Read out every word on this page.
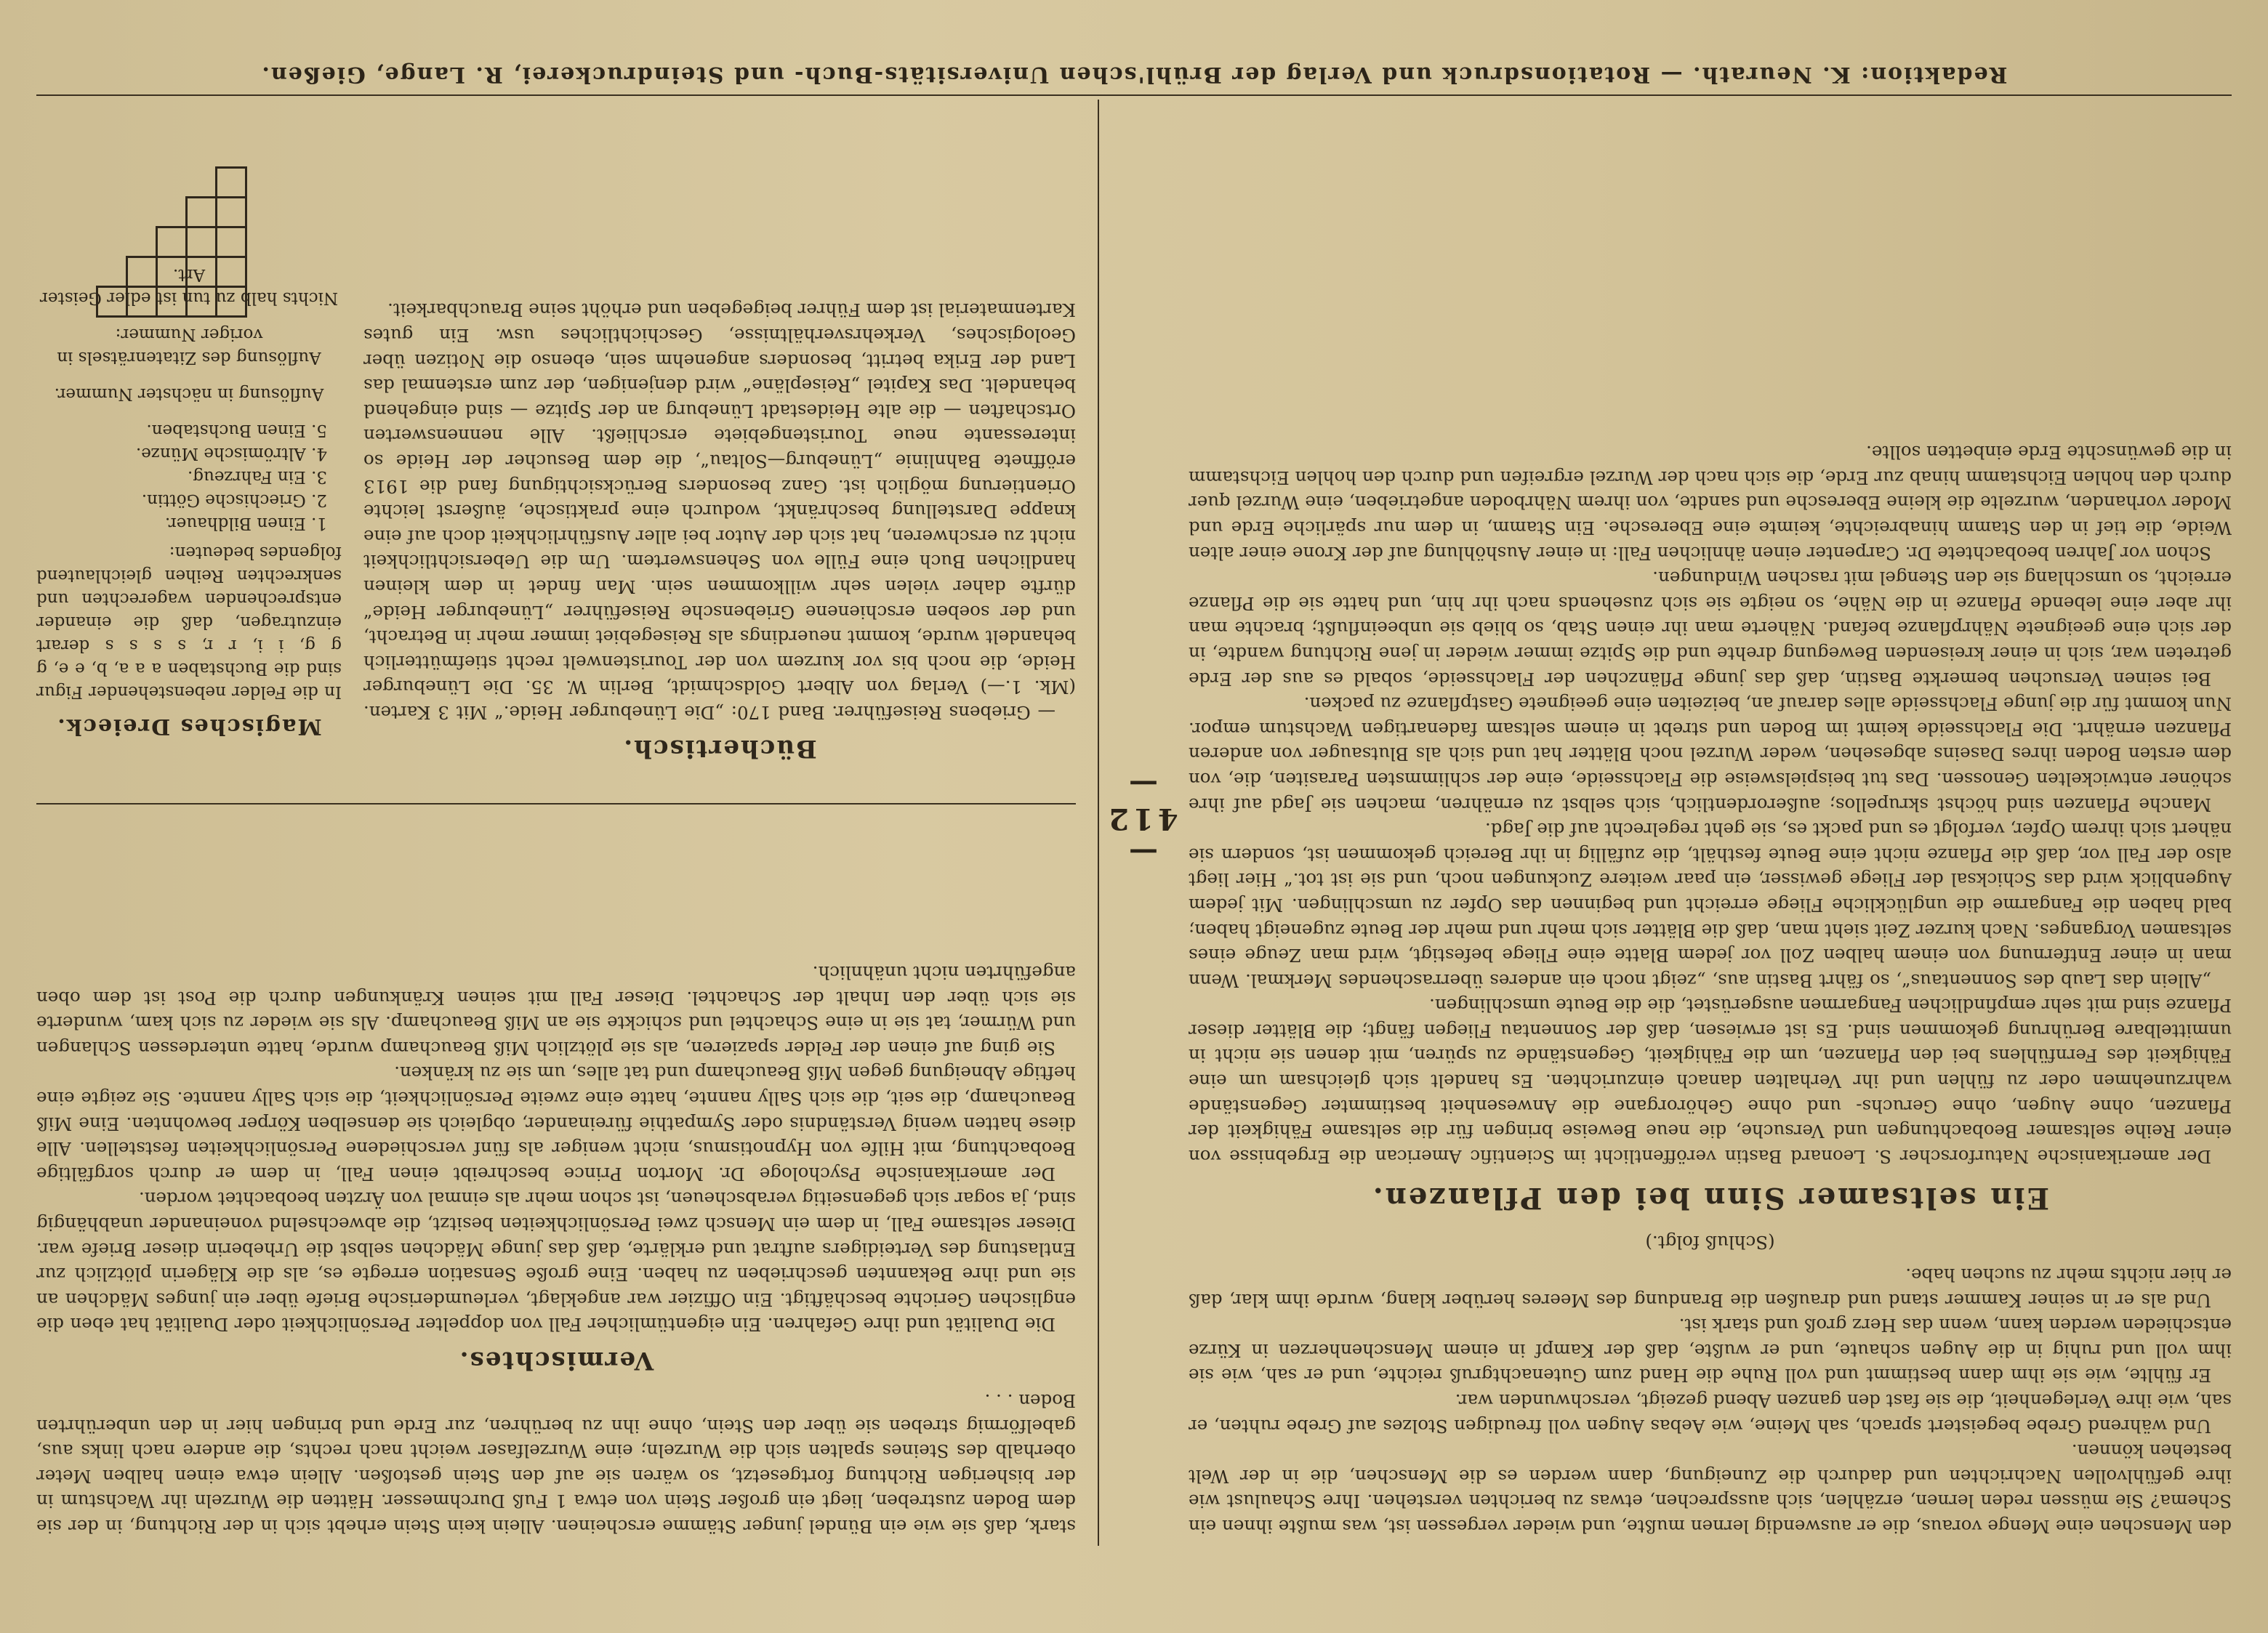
— 412 —

den Menschen eine Menge voraus, die er auswendig lernen mußte, und wieder vergessen ist, was mußte ihnen ein Schema? Sie müssen reden lernen, erzählen, sich aussprechen, etwas zu berichten verstehen. Ihre Schaulust wie ihre gefühlvollen Nachrichten und dadurch die Zuneigung, dann werden es die Menschen, die in der Welt bestehen können.

Und während Grebe begeistert sprach, sah Meine, wie Aebas Augen voll freudigen Stolzes auf Grebe ruhten, er sah, wie ihre Verlegenheit, die sie fast den ganzen Abend gezeigt, verschwunden war.

Er fühlte, wie sie ihm dann bestimmt und voll Ruhe die Hand zum Gutenachtgruß reichte, und er sah, wie sie ihm voll und ruhig in die Augen schaute, und er wußte, daß der Kampf in einem Menschenherzen in Kürze entschieden werden kann, wenn das Herz groß und stark ist.

Und als er in seiner Kammer stand und draußen die Brandung des Meeres herüber klang, wurde ihm klar, daß er hier nichts mehr zu suchen habe.

(Schluß folgt.)
Ein seltsamer Sinn bei den Pflanzen.

Der amerikanische Naturforscher S. Leonard Bastin veröffentlicht im Scientific American die Ergebnisse von einer Reihe seltsamer Beobachtungen und Versuche, die neue Beweise bringen für die seltsame Fähigkeit der Pflanzen, ohne Augen, ohne Geruchs- und ohne Gehörorgane die Anwesenheit bestimmter Gegenstände wahrzunehmen oder zu fühlen und ihr Verhalten danach einzurichten. Es handelt sich gleichsam um eine Fähigkeit des Fernfühlens bei den Pflanzen, um die Fähigkeit, Gegenstände zu spüren, mit denen sie nicht in unmittelbare Berührung gekommen sind. Es ist erwiesen, daß der Sonnentau Fliegen fängt; die Blätter dieser Pflanze sind mit sehr empfindlichen Fangarmen ausgerüstet, die die Beute umschlingen.

„Allein das Laub des Sonnentaus“, so fährt Bastin aus, „zeigt noch ein anderes überraschendes Merkmal. Wenn man in einer Entfernung von einem halben Zoll vor jedem Blatte eine Fliege befestigt, wird man Zeuge eines seltsamen Vorganges. Nach kurzer Zeit sieht man, daß die Blätter sich mehr und mehr der Beute zugeneigt haben; bald haben die Fangarme die unglückliche Fliege erreicht und beginnen das Opfer zu umschlingen. Mit jedem Augenblick wird das Schicksal der Fliege gewisser, ein paar weitere Zuckungen noch, und sie ist tot.“ Hier liegt also der Fall vor, daß die Pflanze nicht eine Beute festhält, die zufällig in ihr Bereich gekommen ist, sondern sie nähert sich ihrem Opfer, verfolgt es und packt es, sie geht regelrecht auf die Jagd.

Manche Pflanzen sind höchst skrupellos; außerordentlich, sich selbst zu ernähren, machen sie Jagd auf ihre schöner entwickelten Genossen. Das tut beispielsweise die Flachsseide, eine der schlimmsten Parasiten, die, von dem ersten Boden ihres Daseins abgesehen, weder Wurzel noch Blätter hat und sich als Blutsauger von anderen Pflanzen ernährt. Die Flachsseide keimt im Boden und strebt in einem seltsam fadenartigen Wachstum empor. Nun kommt für die junge Flachsseide alles darauf an, beizeiten eine geeignete Gastpflanze zu packen.

Bei seinen Versuchen bemerkte Bastin, daß das junge Pflänzchen der Flachsseide, sobald es aus der Erde getreten war, sich in einer kreisenden Bewegung drehte und die Spitze immer wieder in jene Richtung wandte, in der sich eine geeignete Nährpflanze befand. Näherte man ihr einen Stab, so blieb sie unbeeinflußt; brachte man ihr aber eine lebende Pflanze in die Nähe, so neigte sie sich zusehends nach ihr hin, und hatte sie die Pflanze erreicht, so umschlang sie den Stengel mit raschen Windungen.

Schon vor Jahren beobachtete Dr. Carpenter einen ähnlichen Fall: in einer Aushöhlung auf der Krone einer alten Weide, die tief in den Stamm hinabreichte, keimte eine Eberesche. Ein Stamm, in dem nur spärliche Erde und Moder vorhanden, wurzelte die kleine Eberesche und sandte, von ihrem Nährboden angetrieben, eine Wurzel quer durch den hohlen Eichstamm hinab zur Erde, die sich nach der Wurzel ergreifen und durch den hohlen Eichstamm in die gewünschte Erde einbetten sollte.

stark, daß sie wie ein Bündel junger Stämme erscheinen. Allein kein Stein erhebt sich in der Richtung, in der sie dem Boden zustreben, liegt ein großer Stein von etwa 1 Fuß Durchmesser. Hätten die Wurzeln ihr Wachstum in der bisherigen Richtung fortgesetzt, so wären sie auf den Stein gestoßen. Allein etwa einen halben Meter oberhalb des Steines spalten sich die Wurzeln; eine Wurzelfaser weicht nach rechts, die andere nach links aus, gabelförmig streben sie über den Stein, ohne ihn zu berühren, zur Erde und bringen hier in den unberührten Boden . . .

Vermischtes.

Die Dualität und ihre Gefahren. Ein eigentümlicher Fall von doppelter Persönlichkeit oder Dualität hat eben die englischen Gerichte beschäftigt. Ein Offizier war angeklagt, verleumderische Briefe über ein junges Mädchen an sie und ihre Bekannten geschrieben zu haben. Eine große Sensation erregte es, als die Klägerin plötzlich zur Entlastung des Verteidigers auftrat und erklärte, daß das junge Mädchen selbst die Urheberin dieser Briefe war. Dieser seltsame Fall, in dem ein Mensch zwei Persönlichkeiten besitzt, die abwechselnd voneinander unabhängig sind, ja sogar sich gegenseitig verabscheuen, ist schon mehr als einmal von Ärzten beobachtet worden.

Der amerikanische Psychologe Dr. Morton Prince beschreibt einen Fall, in dem er durch sorgfältige Beobachtung, mit Hilfe von Hypnotismus, nicht weniger als fünf verschiedene Persönlichkeiten feststellen. Alle diese hatten wenig Verständnis oder Sympathie füreinander, obgleich sie denselben Körper bewohnten. Eine Miß Beauchamp, die seit, die sich Sally nannte, hatte eine zweite Persönlichkeit, die sich Sally nannte. Sie zeigte eine heftige Abneigung gegen Miß Beauchamp und tat alles, um sie zu kränken.

Sie ging auf einen der Felder spazieren, als sie plötzlich Miß Beauchamp wurde, hatte unterdessen Schlangen und Würmer, tat sie in eine Schachtel und schickte sie an Miß Beauchamp. Als sie wieder zu sich kam, wunderte sie sich über den Inhalt der Schachtel. Dieser Fall mit seinen Kränkungen durch die Post ist dem oben angeführten nicht unähnlich.

Büchertisch.

— Griebens Reiseführer. Band 170: „Die Lüneburger Heide.“ Mit 3 Karten. (Mk. 1.—) Verlag von Albert Goldschmidt, Berlin W. 35. Die Lüneburger Heide, die noch bis vor kurzem von der Touristenwelt recht stiefmütterlich behandelt wurde, kommt neuerdings als Reisegebiet immer mehr in Betracht, und der soeben erschienene Griebensche Reiseführer „Lüneburger Heide“ dürfte daher vielen sehr willkommen sein. Man findet in dem kleinen handlichen Buch eine Fülle von Sehenswertem. Um die Uebersichtlichkeit nicht zu erschweren, hat sich der Autor bei aller Ausführlichkeit doch auf eine knappe Darstellung beschränkt, wodurch eine praktische, äußerst leichte Orientierung möglich ist. Ganz besonders Berücksichtigung fand die 1913 eröffnete Bahnlinie „Lüneburg—Soltau“, die dem Besucher der Heide so interessante neue Touristengebiete erschließt. Alle nennenswerten Ortschaften — die alte Heidestadt Lüneburg an der Spitze — sind eingehend behandelt. Das Kapitel „Reisepläne“ wird denjenigen, der zum erstenmal das Land der Erika betritt, besonders angenehm sein, ebenso die Notizen über Geologisches, Verkehrsverhältnisse, Geschichtliches usw. Ein gutes Kartenmaterial ist dem Führer beigegeben und erhöht seine Brauchbarkeit.

Magisches Dreieck.
In die Felder nebenstehender Figur sind die Buchstaben a a a, b, e e, g g g, i i, r r, s s s s derart einzutragen, daß die einander entsprechenden wagerechten und senkrechten Reihen gleichlautend folgendes bedeuten:
1. Einen Bildhauer.
2. Griechische Göttin.
3. Ein Fahrzeug.
4. Altrömische Münze.
5. Einen Buchstaben.
Auflösung in nächster Nummer.
Auflösung des Zitatenrätsels in voriger Nummer:
Nichts halb zu tun ist edler Geister Art.
Redaktion: K. Neurath. — Rotationsdruck und Verlag der Brühl'schen Universitäts-Buch- und Steindruckerei, R. Lange, Gießen.
